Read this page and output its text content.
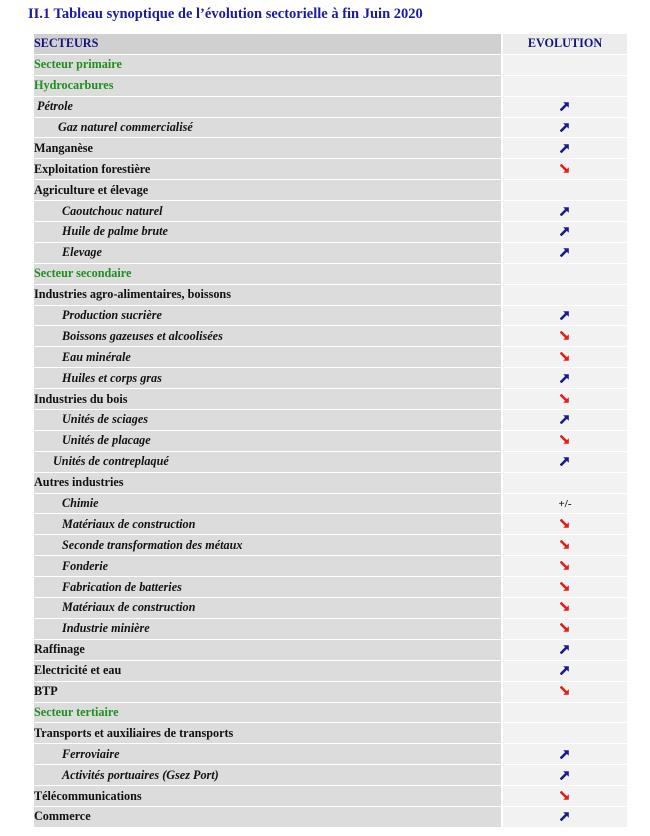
II.1 Tableau synoptique de l’évolution sectorielle à fin Juin 2020
SECTEURS	EVOLUTION
Secteur primaire	
Hydrocarbures	
Pétrole	
Gaz naturel commercialisé	
Manganèse	
Exploitation forestière	
Agriculture et élevage	
Caoutchouc naturel	
Huile de palme brute	
Elevage	
Secteur secondaire	
Industries agro-alimentaires, boissons	
Production sucrière	
Boissons gazeuses et alcoolisées	
Eau minérale	
Huiles et corps gras	
Industries du bois	
Unités de sciages	
Unités de placage	
Unités de contreplaqué	
Autres industries	
Chimie	+/-
Matériaux de construction	
Seconde transformation des métaux	
Fonderie	
Fabrication de batteries	
Matériaux de construction	
Industrie minière	
Raffinage	
Electricité et eau	
BTP	
Secteur tertiaire	
Transports et auxiliaires de transports	
Ferroviaire	
Activités portuaires (Gsez Port)	
Télécommunications	
Commerce	
